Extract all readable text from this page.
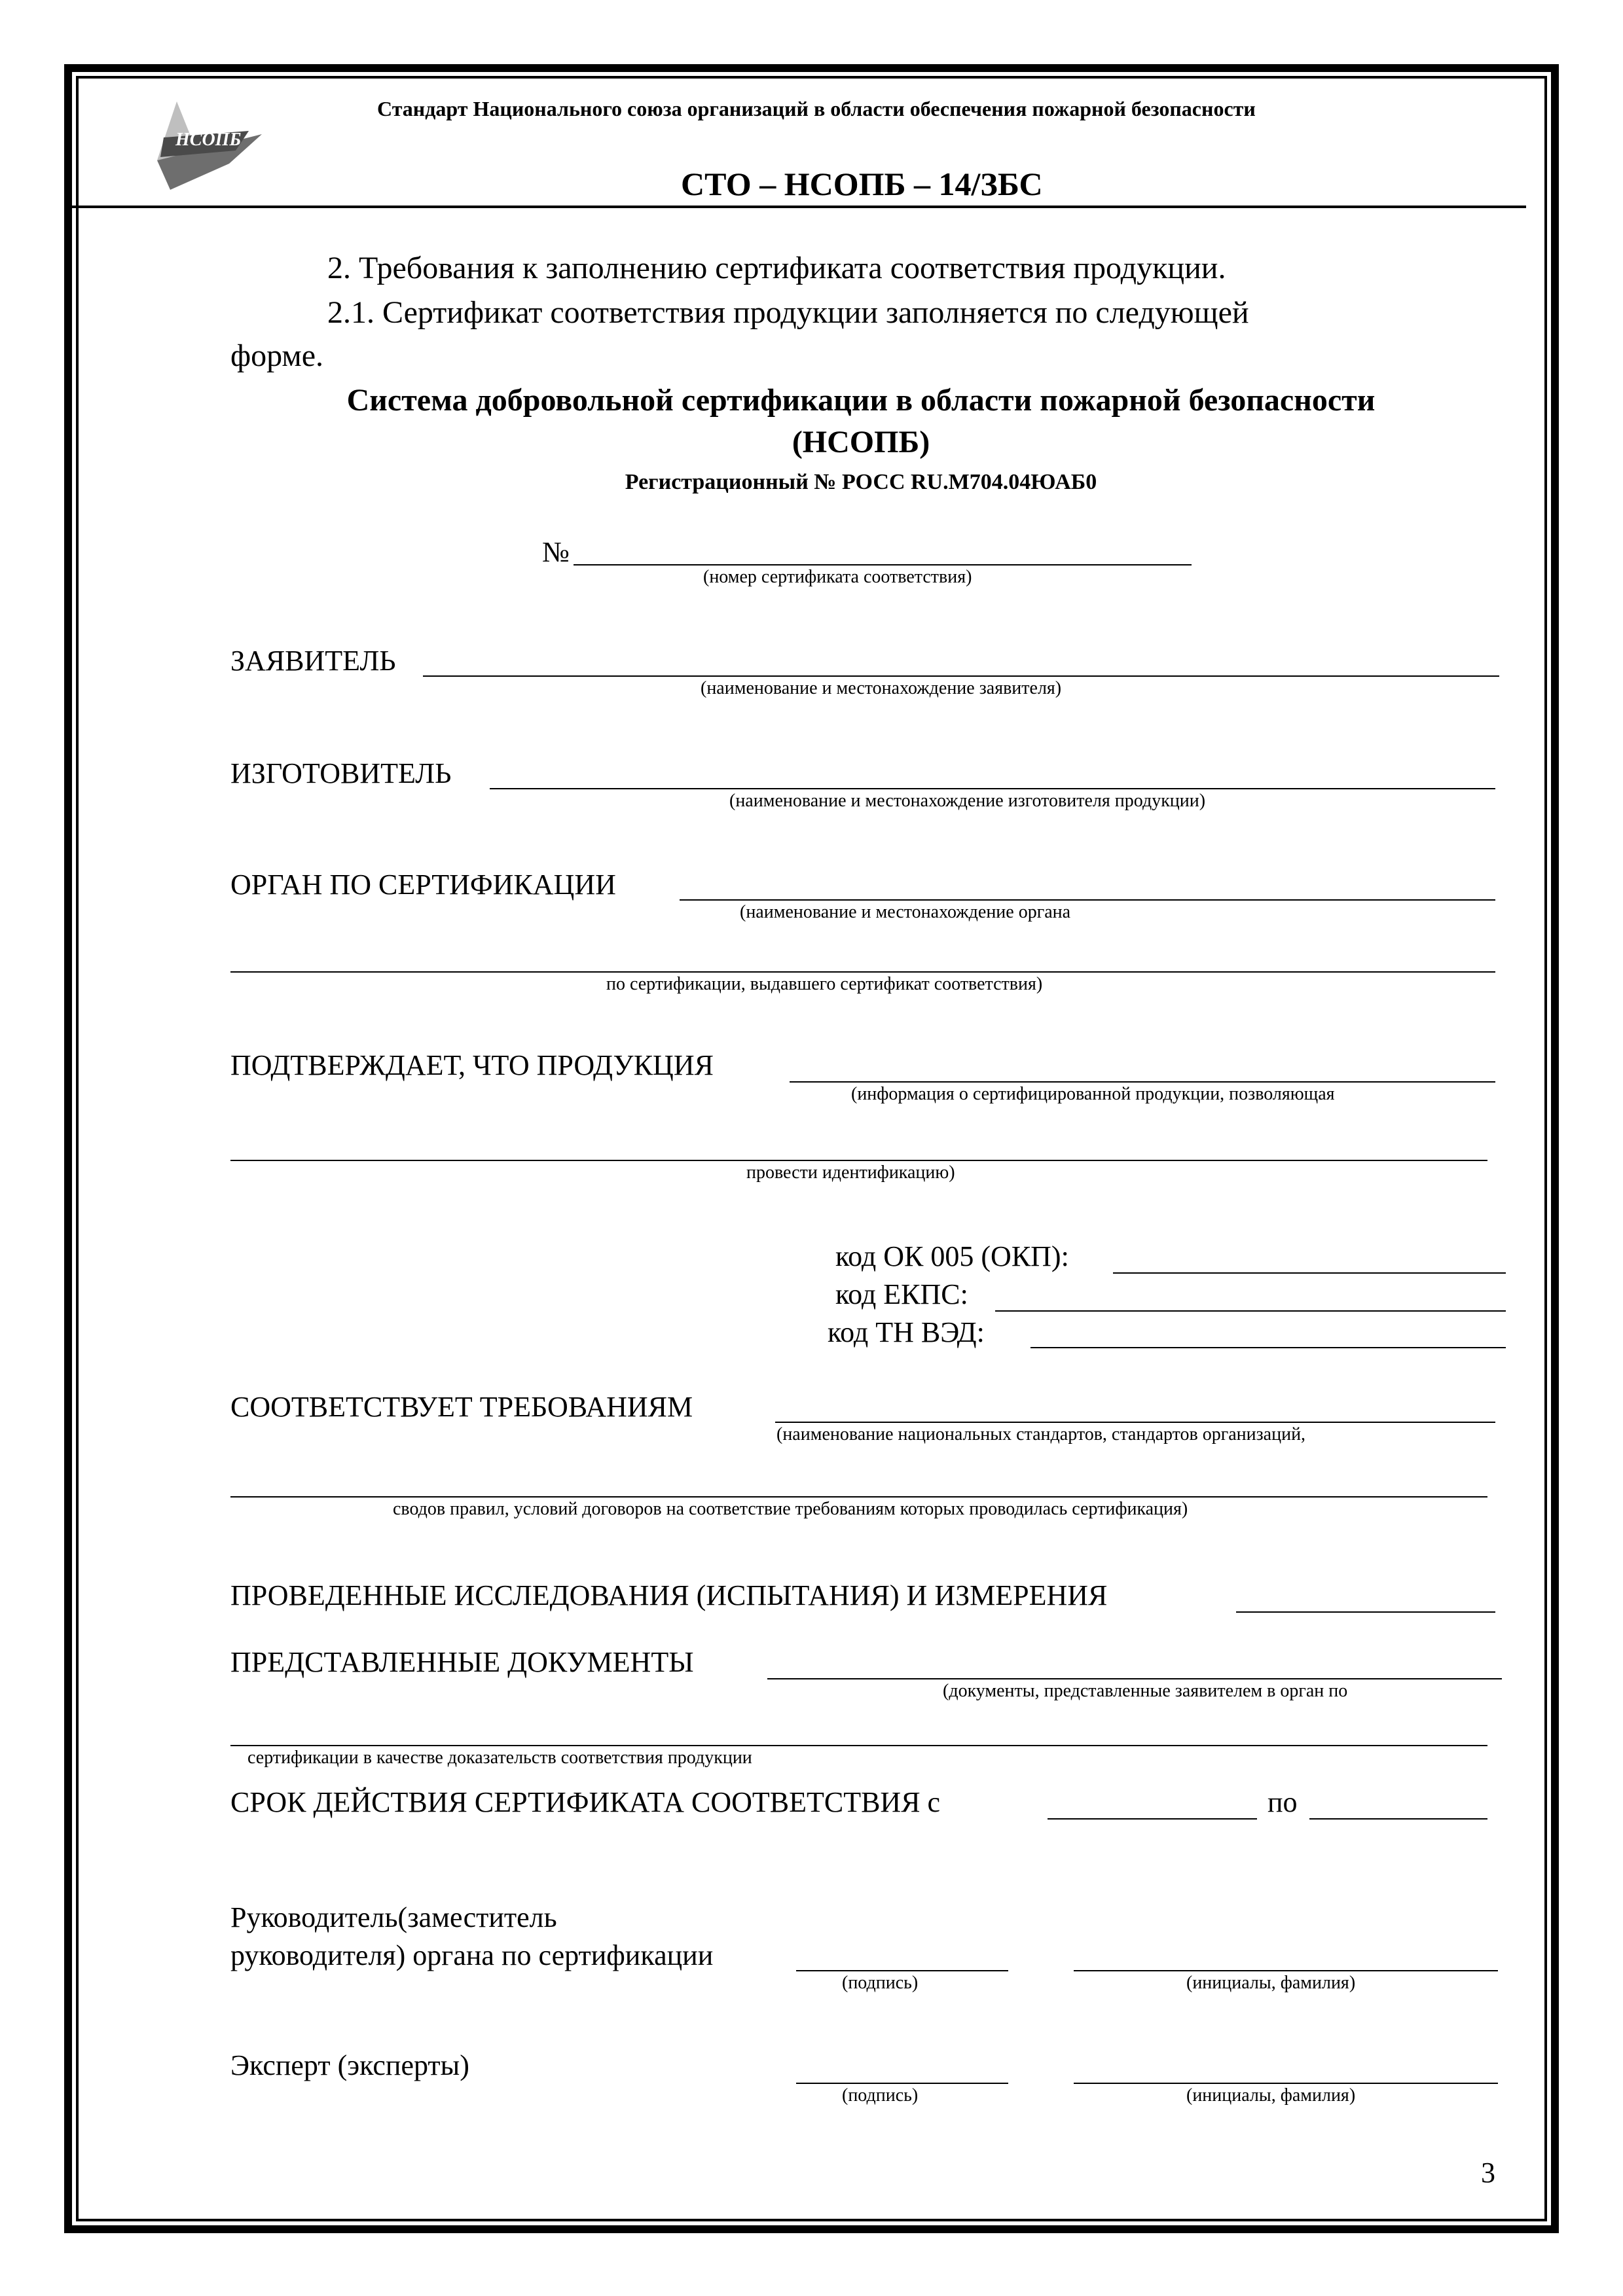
НСОПБ
Стандарт Национального союза организаций в области обеспечения пожарной безопасности
СТО – НСОПБ – 14/ЗБС
2. Требования к заполнению сертификата соответствия продукции.
2.1. Сертификат соответствия продукции заполняется по следующей
форме.
Система добровольной сертификации в области пожарной безопасности
(НСОПБ)
Регистрационный № РОСС RU.М704.04ЮАБ0
№
(номер сертификата соответствия)
ЗАЯВИТЕЛЬ
(наименование и местонахождение заявителя)
ИЗГОТОВИТЕЛЬ
(наименование и местонахождение изготовителя продукции)
ОРГАН ПО СЕРТИФИКАЦИИ
(наименование и местонахождение органа
по сертификации, выдавшего сертификат соответствия)
ПОДТВЕРЖДАЕТ, ЧТО ПРОДУКЦИЯ
(информация о сертифицированной продукции, позволяющая
провести идентификацию)
код ОК 005 (ОКП):
код ЕКПС:
код ТН ВЭД:
СООТВЕТСТВУЕТ ТРЕБОВАНИЯМ
(наименование национальных стандартов, стандартов организаций,
сводов правил, условий договоров на соответствие требованиям которых проводилась сертификация)
ПРОВЕДЕННЫЕ ИССЛЕДОВАНИЯ (ИСПЫТАНИЯ) И ИЗМЕРЕНИЯ
ПРЕДСТАВЛЕННЫЕ ДОКУМЕНТЫ
(документы, представленные заявителем в орган по
сертификации в качестве доказательств соответствия продукции
СРОК ДЕЙСТВИЯ СЕРТИФИКАТА СООТВЕТСТВИЯ с	по
Руководитель(заместитель
руководителя) органа по сертификации
(подпись)	(инициалы, фамилия)
Эксперт (эксперты)
(подпись)	(инициалы, фамилия)
3
